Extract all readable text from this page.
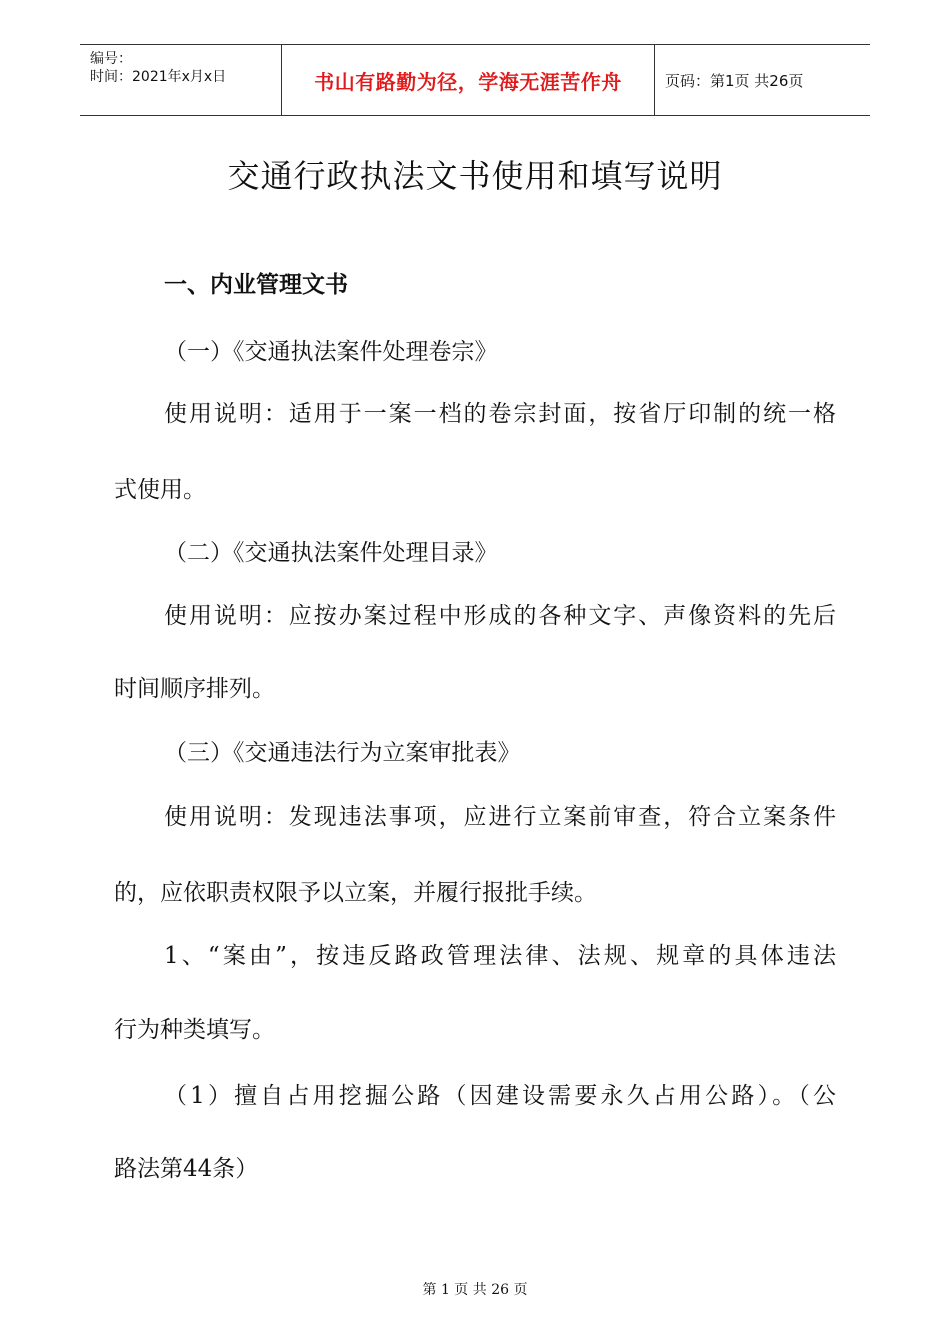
编号：
时间：2021年x月x日	书山有路勤为径，学海无涯苦作舟	页码：第1页 共26页
交通行政执法文书使用和填写说明
一、内业管理文书
（一）《交通执法案件处理卷宗》
使用说明：适用于一案一档的卷宗封面，按省厅印制的统一格
式使用。
（二）《交通执法案件处理目录》
使用说明：应按办案过程中形成的各种文字、声像资料的先后
时间顺序排列。
（三）《交通违法行为立案审批表》
使用说明：发现违法事项，应进行立案前审查，符合立案条件
的，应依职责权限予以立案，并履行报批手续。
1、“案由”，按违反路政管理法律、法规、规章的具体违法
行为种类填写。
（1）擅自占用挖掘公路（因建设需要永久占用公路）。（公
路法第44条）
第 1 页 共 26 页
